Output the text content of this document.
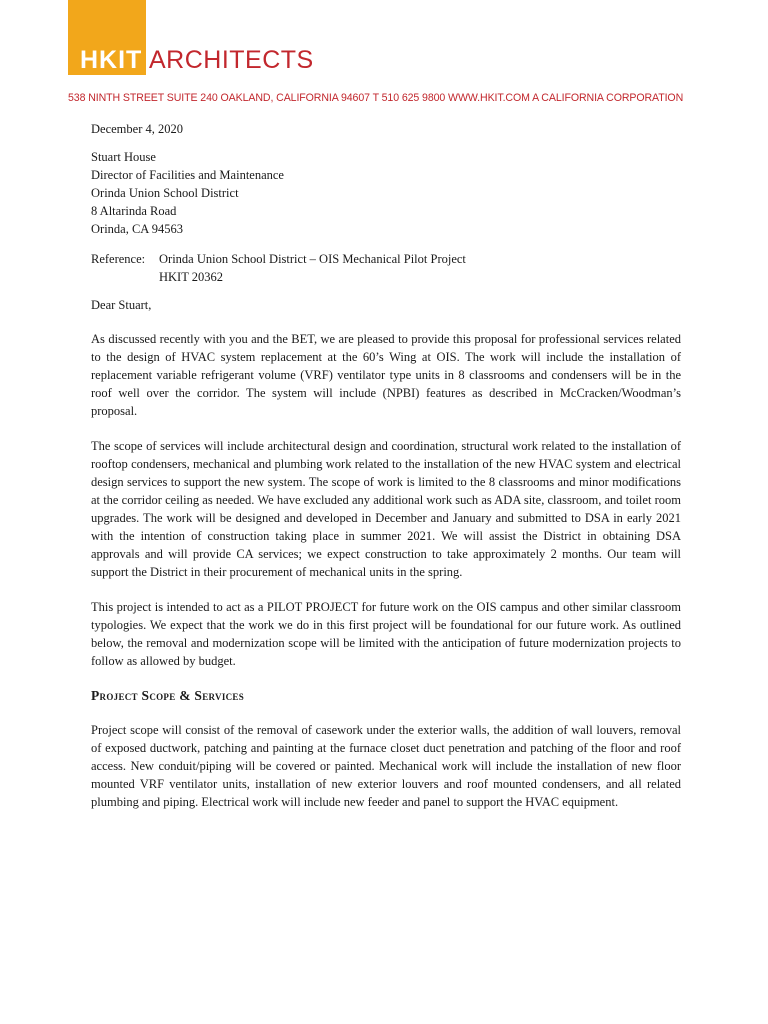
HKIT ARCHITECTS
538 NINTH STREET SUITE 240 OAKLAND, CALIFORNIA 94607 T 510 625 9800 WWW.HKIT.COM A CALIFORNIA CORPORATION

December 4, 2020

Stuart House

Director of Facilities and Maintenance

Orinda Union School District

8 Altarinda Road

Orinda, CA 94563

Reference:	Orinda Union School District – OIS Mechanical Pilot Project

HKIT 20362

Dear Stuart,

As discussed recently with you and the BET, we are pleased to provide this proposal for professional services related to the design of HVAC system replacement at the 60’s Wing at OIS. The work will include the installation of replacement variable refrigerant volume (VRF) ventilator type units in 8 classrooms and condensers will be in the roof well over the corridor. The system will include (NPBI) features as described in McCracken/Woodman’s proposal.

The scope of services will include architectural design and coordination, structural work related to the installation of rooftop condensers, mechanical and plumbing work related to the installation of the new HVAC system and electrical design services to support the new system. The scope of work is limited to the 8 classrooms and minor modifications at the corridor ceiling as needed. We have excluded any additional work such as ADA site, classroom, and toilet room upgrades. The work will be designed and developed in December and January and submitted to DSA in early 2021 with the intention of construction taking place in summer 2021. We will assist the District in obtaining DSA approvals and will provide CA services; we expect construction to take approximately 2 months. Our team will support the District in their procurement of mechanical units in the spring.

This project is intended to act as a PILOT PROJECT for future work on the OIS campus and other similar classroom typologies. We expect that the work we do in this first project will be foundational for our future work. As outlined below, the removal and modernization scope will be limited with the anticipation of future modernization projects to follow as allowed by budget.

Project Scope & Services

Project scope will consist of the removal of casework under the exterior walls, the addition of wall louvers, removal of exposed ductwork, patching and painting at the furnace closet duct penetration and patching of the floor and roof access. New conduit/piping will be covered or painted. Mechanical work will include the installation of new floor mounted VRF ventilator units, installation of new exterior louvers and roof mounted condensers, and all related plumbing and piping. Electrical work will include new feeder and panel to support the HVAC equipment.
